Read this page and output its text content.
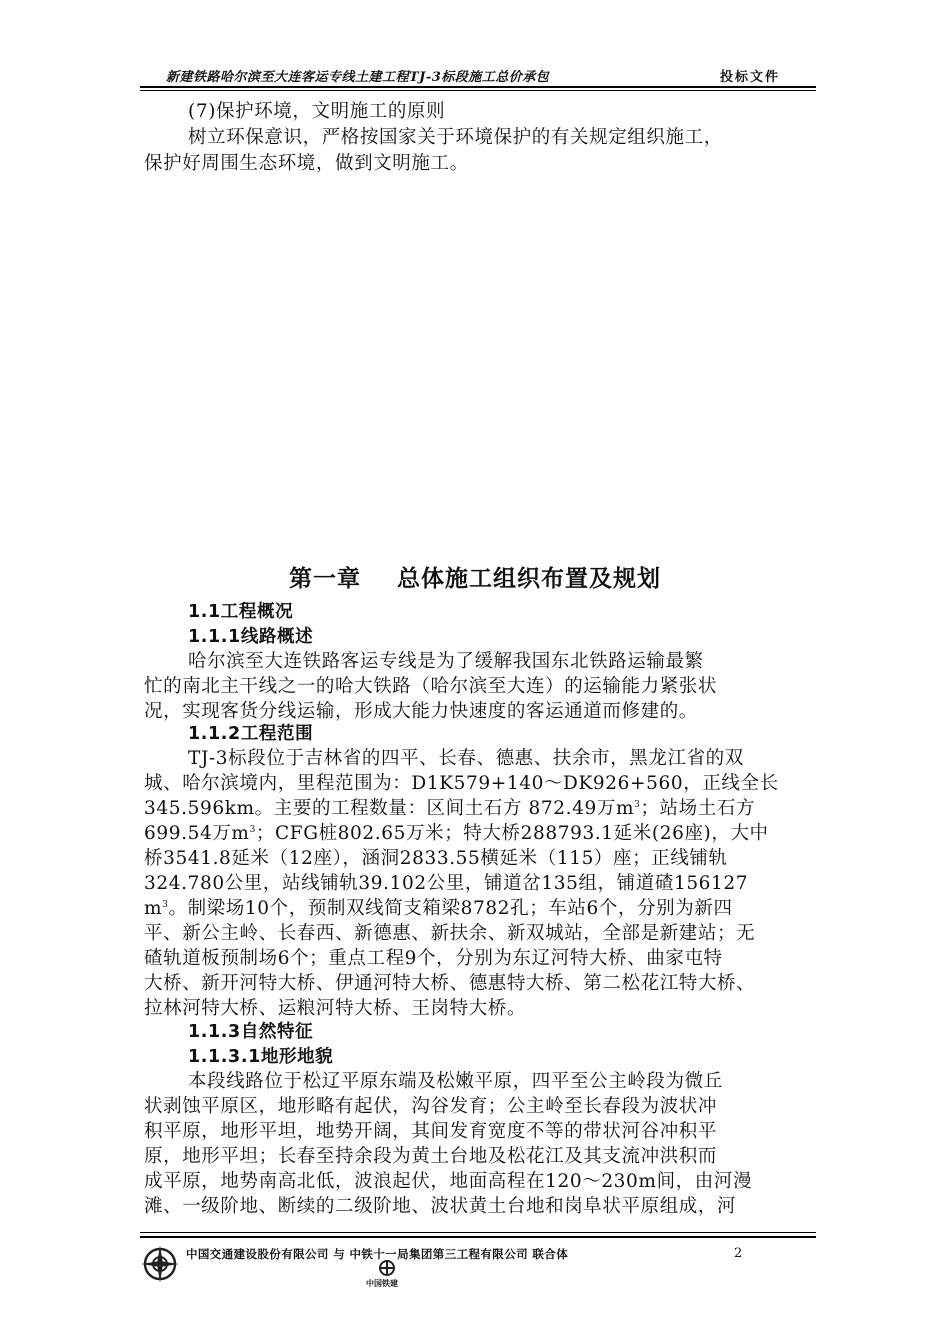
新建铁路哈尔滨至大连客运专线土建工程TJ-3标段施工总价承包	投标文件
(7)保护环境，文明施工的原则
树立环保意识，严格按国家关于环境保护的有关规定组织施工，
保护好周围生态环境，做到文明施工。
1.1工程概况
1.1.1线路概述
哈尔滨至大连铁路客运专线是为了缓解我国东北铁路运输最繁
忙的南北主干线之一的哈大铁路（哈尔滨至大连）的运输能力紧张状
况，实现客货分线运输，形成大能力快速度的客运通道而修建的。
1.1.2工程范围
TJ-3标段位于吉林省的四平、长春、德惠、扶余市，黑龙江省的双
城、哈尔滨境内，里程范围为：D1K579+140～DK926+560，正线全长
345.596km。主要的工程数量：区间土石方 872.49万$m^3$；站场土石方
699.54万$m^3$；CFG桩802.65万米；特大桥288793.1延米(26座)，大中
桥3541.8延米（12座），涵洞2833.55横延米（115）座；正线铺轨
324.780公里，站线铺轨39.102公里，铺道岔135组，铺道碴156127
$m^3$。制梁场10个，预制双线简支箱梁8782孔；车站6个，分别为新四
平、新公主岭、长春西、新德惠、新扶余、新双城站，全部是新建站；无
碴轨道板预制场6个；重点工程9个，分别为东辽河特大桥、曲家屯特
大桥、新开河特大桥、伊通河特大桥、德惠特大桥、第二松花江特大桥、
拉林河特大桥、运粮河特大桥、王岗特大桥。
1.1.3自然特征
1.1.3.1地形地貌
本段线路位于松辽平原东端及松嫩平原，四平至公主岭段为微丘
状剥蚀平原区，地形略有起伏，沟谷发育；公主岭至长春段为波状冲
积平原，地形平坦，地势开阔，其间发育宽度不等的带状河谷冲积平
原，地形平坦；长春至持余段为黄土台地及松花江及其支流冲洪积而
成平原，地势南高北低，波浪起伏，地面高程在120～230m间，由河漫
滩、一级阶地、断续的二级阶地、波状黄土台地和岗阜状平原组成，河
第一章    总体施工组织布置及规划
中国交通建设股份有限公司 与 中铁十一局集团第三工程有限公司 联合体	2
中国铁建
